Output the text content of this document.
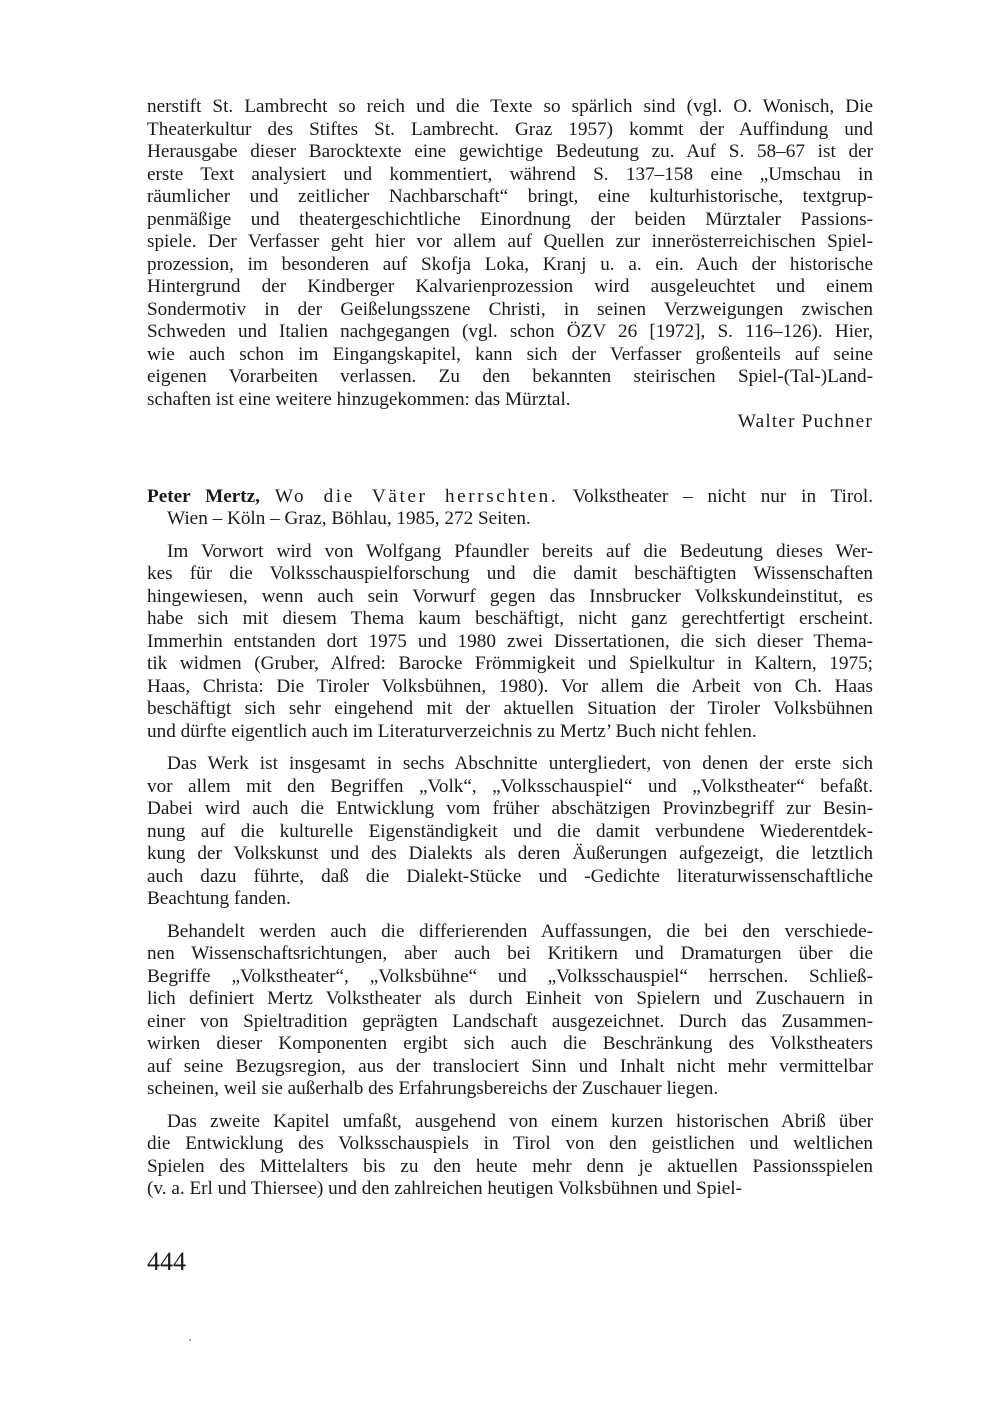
nerstift St. Lambrecht so reich und die Texte so spärlich sind (vgl. O. Wonisch, Die
Theaterkultur des Stiftes St. Lambrecht. Graz 1957) kommt der Auffindung und
Herausgabe dieser Barocktexte eine gewichtige Bedeutung zu. Auf S. 58–67 ist der
erste Text analysiert und kommentiert, während S. 137–158 eine „Umschau in
räumlicher und zeitlicher Nachbarschaft“ bringt, eine kulturhistorische, textgrup-
penmäßige und theatergeschichtliche Einordnung der beiden Mürztaler Passions-
spiele. Der Verfasser geht hier vor allem auf Quellen zur innerösterreichischen Spiel-
prozession, im besonderen auf Skofja Loka, Kranj u. a. ein. Auch der historische
Hintergrund der Kindberger Kalvarienprozession wird ausgeleuchtet und einem
Sondermotiv in der Geißelungsszene Christi, in seinen Verzweigungen zwischen
Schweden und Italien nachgegangen (vgl. schon ÖZV 26 [1972], S. 116–126). Hier,
wie auch schon im Eingangskapitel, kann sich der Verfasser großenteils auf seine
eigenen Vorarbeiten verlassen. Zu den bekannten steirischen Spiel-(Tal-)Land-
schaften ist eine weitere hinzugekommen: das Mürztal.

Walter Puchner

Peter Mertz, Wo die Väter herrschten. Volkstheater – nicht nur in Tirol.
Wien – Köln – Graz, Böhlau, 1985, 272 Seiten.
Im Vorwort wird von Wolfgang Pfaundler bereits auf die Bedeutung dieses Wer-
kes für die Volksschauspielforschung und die damit beschäftigten Wissenschaften
hingewiesen, wenn auch sein Vorwurf gegen das Innsbrucker Volkskundeinstitut, es
habe sich mit diesem Thema kaum beschäftigt, nicht ganz gerechtfertigt erscheint.
Immerhin entstanden dort 1975 und 1980 zwei Dissertationen, die sich dieser Thema-
tik widmen (Gruber, Alfred: Barocke Frömmigkeit und Spielkultur in Kaltern, 1975;
Haas, Christa: Die Tiroler Volksbühnen, 1980). Vor allem die Arbeit von Ch. Haas
beschäftigt sich sehr eingehend mit der aktuellen Situation der Tiroler Volksbühnen
und dürfte eigentlich auch im Literaturverzeichnis zu Mertz’ Buch nicht fehlen.
Das Werk ist insgesamt in sechs Abschnitte untergliedert, von denen der erste sich
vor allem mit den Begriffen „Volk“, „Volksschauspiel“ und „Volkstheater“ befaßt.
Dabei wird auch die Entwicklung vom früher abschätzigen Provinzbegriff zur Besin-
nung auf die kulturelle Eigenständigkeit und die damit verbundene Wiederentdek-
kung der Volkskunst und des Dialekts als deren Äußerungen aufgezeigt, die letztlich
auch dazu führte, daß die Dialekt-Stücke und -Gedichte literaturwissenschaftliche
Beachtung fanden.
Behandelt werden auch die differierenden Auffassungen, die bei den verschiede-
nen Wissenschaftsrichtungen, aber auch bei Kritikern und Dramaturgen über die
Begriffe „Volkstheater“, „Volksbühne“ und „Volksschauspiel“ herrschen. Schließ-
lich definiert Mertz Volkstheater als durch Einheit von Spielern und Zuschauern in
einer von Spieltradition geprägten Landschaft ausgezeichnet. Durch das Zusammen-
wirken dieser Komponenten ergibt sich auch die Beschränkung des Volkstheaters
auf seine Bezugsregion, aus der translociert Sinn und Inhalt nicht mehr vermittelbar
scheinen, weil sie außerhalb des Erfahrungsbereichs der Zuschauer liegen.
Das zweite Kapitel umfaßt, ausgehend von einem kurzen historischen Abriß über
die Entwicklung des Volksschauspiels in Tirol von den geistlichen und weltlichen
Spielen des Mittelalters bis zu den heute mehr denn je aktuellen Passionsspielen
(v. a. Erl und Thiersee) und den zahlreichen heutigen Volksbühnen und Spiel-
444
